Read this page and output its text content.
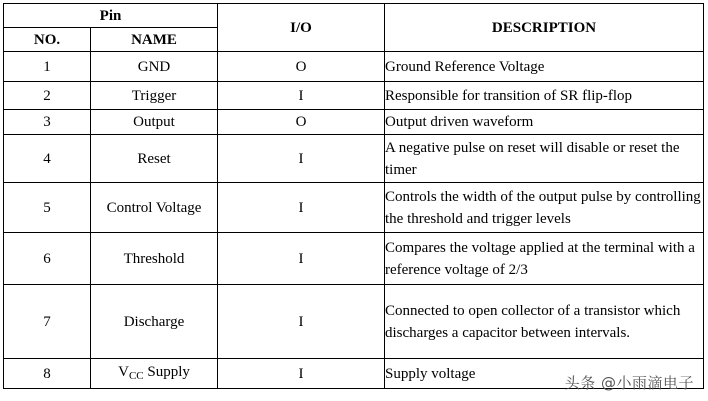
Pin		I/O	DESCRIPTION
NO.	NAME		
1	GND	O	Ground Reference Voltage
2	Trigger	I	Responsible for transition of SR flip-flop
3	Output	O	Output driven waveform
4	Reset	I	A negative pulse on reset will disable or reset the timer
5	Control Voltage	I	Controls the width of the output pulse by controlling the threshold and trigger levels
6	Threshold	I	Compares the voltage applied at the terminal with a reference voltage of 2/3
7	Discharge	I	Connected to open collector of a transistor which discharges a capacitor between intervals.
8	$V_{CC}$ Supply	I	Supply voltage
头条 @小雨滴电子
